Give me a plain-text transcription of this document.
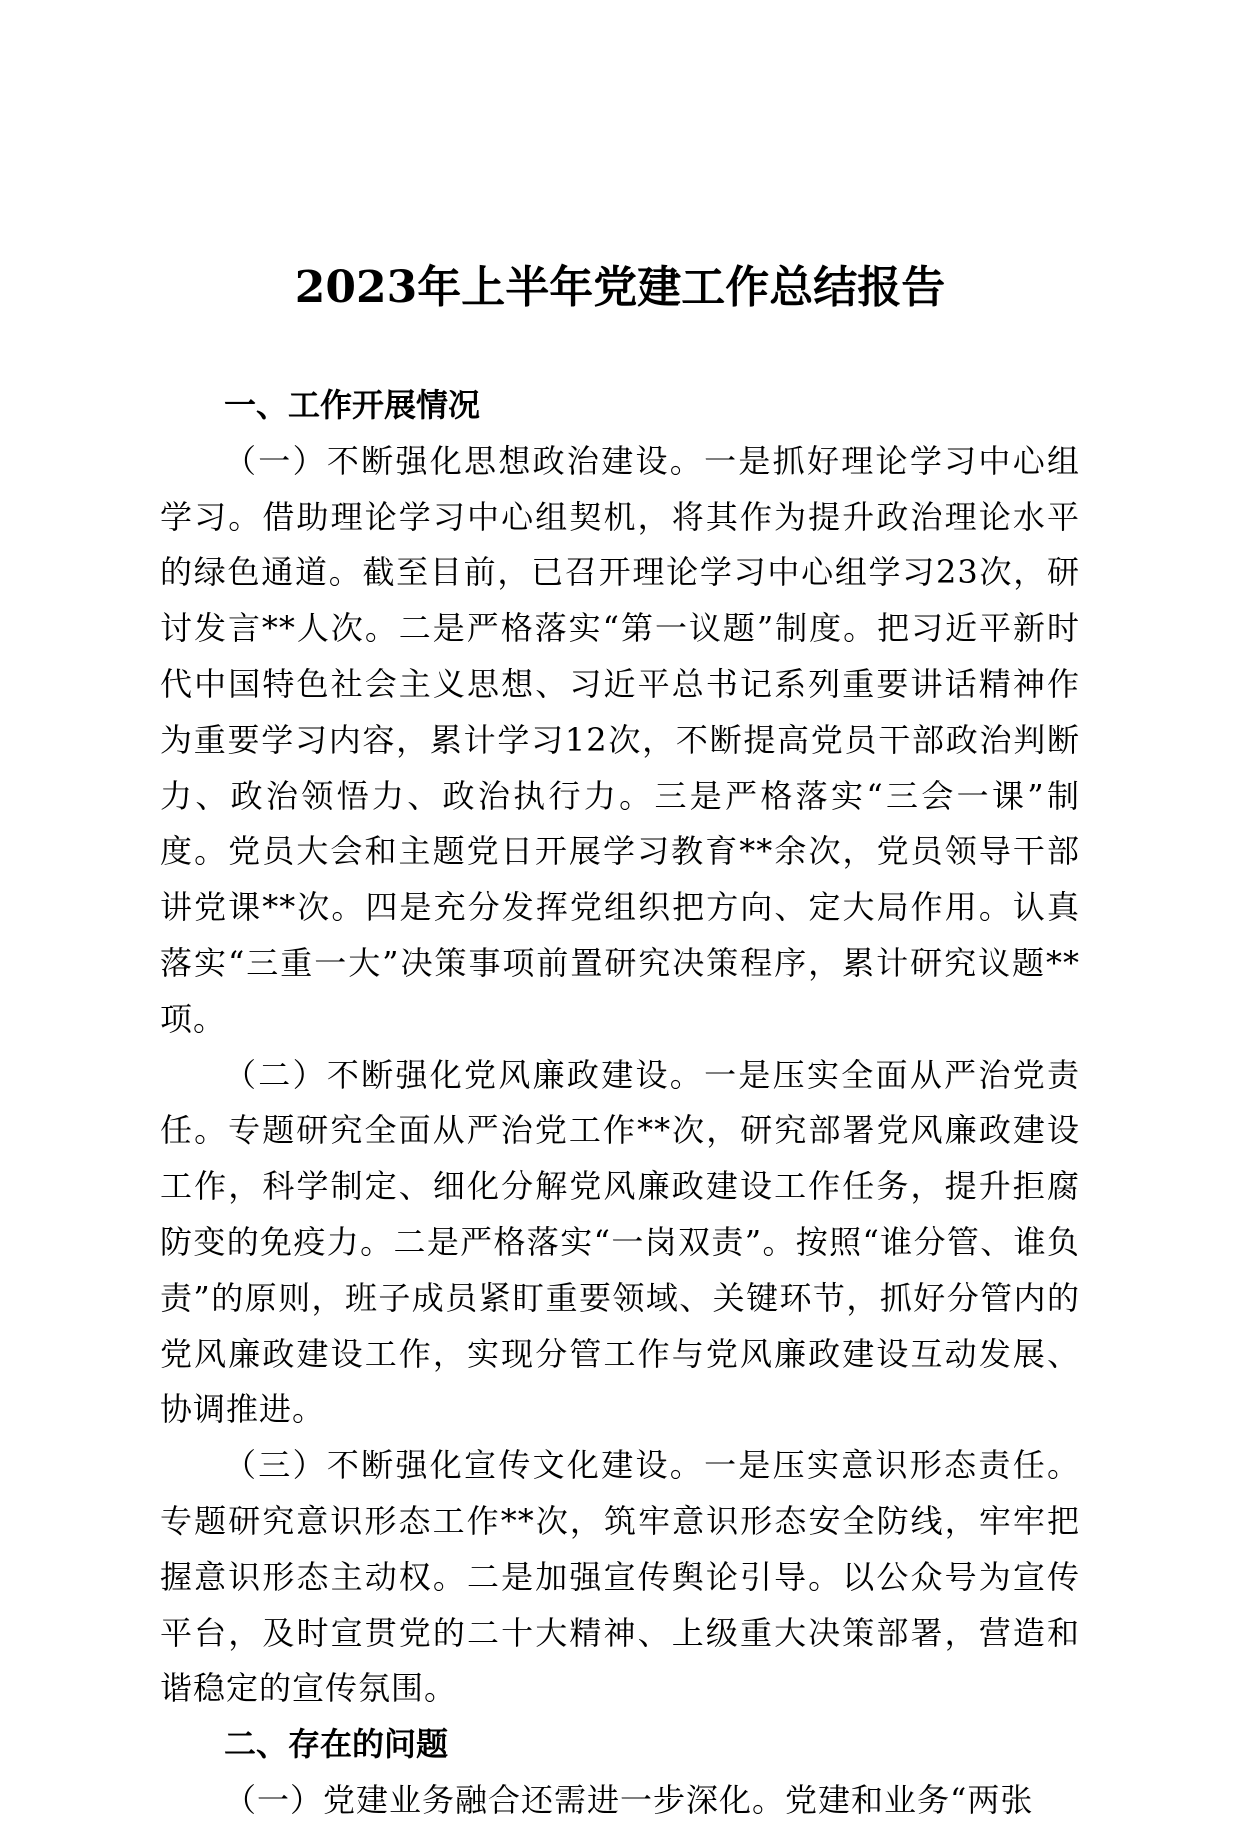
2023年上半年党建工作总结报告
一、工作开展情况

（一）不断强化思想政治建设。一是抓好理论学习中心组学习。借助理论学习中心组契机，将其作为提升政治理论水平的绿色通道。截至目前，已召开理论学习中心组学习23次，研讨发言**人次。二是严格落实“第一议题”制度。把习近平新时代中国特色社会主义思想、习近平总书记系列重要讲话精神作为重要学习内容，累计学习12次，不断提高党员干部政治判断力、政治领悟力、政治执行力。三是严格落实“三会一课”制度。党员大会和主题党日开展学习教育**余次，党员领导干部讲党课**次。四是充分发挥党组织把方向、定大局作用。认真落实“三重一大”决策事项前置研究决策程序，累计研究议题**项。

（二）不断强化党风廉政建设。一是压实全面从严治党责任。专题研究全面从严治党工作**次，研究部署党风廉政建设工作，科学制定、细化分解党风廉政建设工作任务，提升拒腐防变的免疫力。二是严格落实“一岗双责”。按照“谁分管、谁负责”的原则，班子成员紧盯重要领域、关键环节，抓好分管内的党风廉政建设工作，实现分管工作与党风廉政建设互动发展、协调推进。

（三）不断强化宣传文化建设。一是压实意识形态责任。专题研究意识形态工作**次，筑牢意识形态安全防线，牢牢把握意识形态主动权。二是加强宣传舆论引导。以公众号为宣传平台，及时宣贯党的二十大精神、上级重大决策部署，营造和谐稳定的宣传氛围。

二、存在的问题

（一）党建业务融合还需进一步深化。党建和业务“两张
